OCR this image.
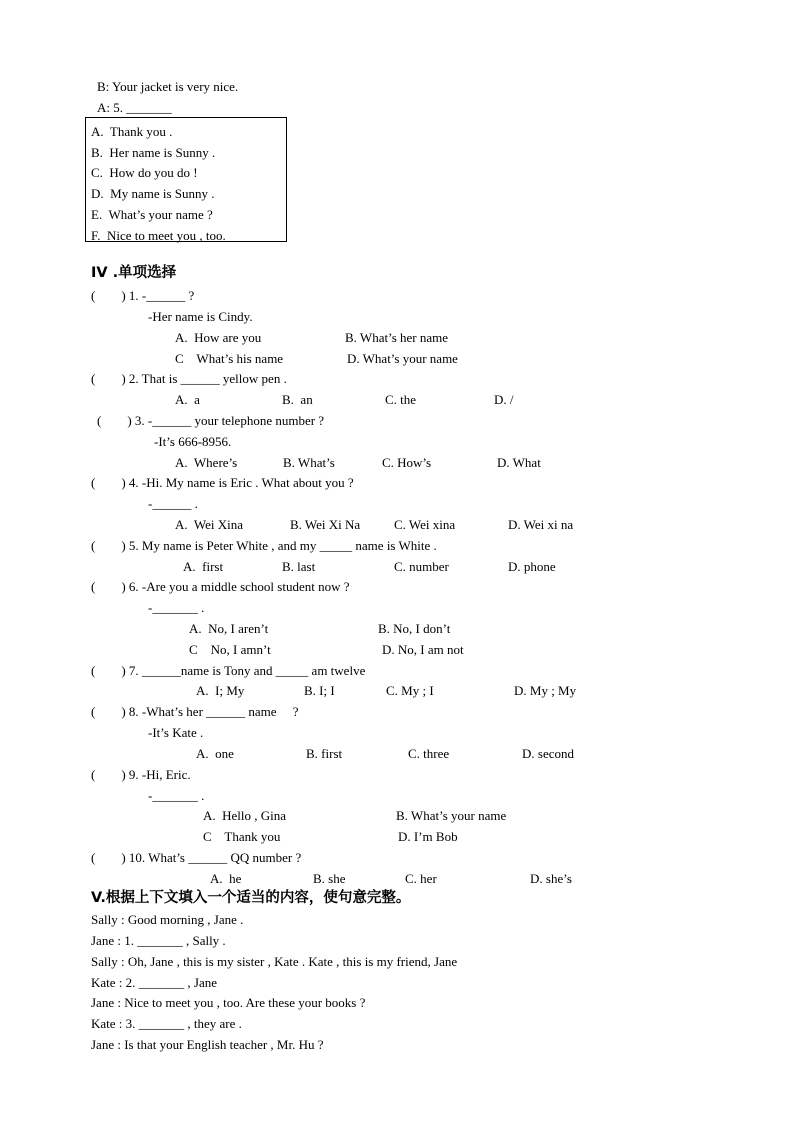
B: Your jacket is very nice.
A: 5. _______
A.  Thank you .
B.  Her name is Sunny .
C.  How do you do !
D.  My name is Sunny .
E.  What’s your name ?
F.  Nice to meet you , too.
IV .单项选择
(        ) 1. -______ ?
-Her name is Cindy.
A.  How are you	B. What’s her name
C    What’s his name	D. What’s your name
(        ) 2. That is ______ yellow pen .
A.  a	B.  an	C. the	D. /
(        ) 3. -______ your telephone number ?
-It’s 666-8956.
A.  Where’s	B. What’s	C. How’s	D. What
(        ) 4. -Hi. My name is Eric . What about you ?
-______ .
A.  Wei Xina	B. Wei Xi Na	C. Wei xina	D. Wei xi na
(        ) 5. My name is Peter White , and my _____ name is White .
A.  first	B. last	C. number	D. phone
(        ) 6. -Are you a middle school student now ?
-_______ .
A.  No, I aren’t	B. No, I don’t
C    No, I amn’t	D. No, I am not
(        ) 7. ______name is Tony and _____ am twelve
A.  I; My	B. I; I	C. My ; I	D. My ; My
(        ) 8. -What’s her ______ name     ?
-It’s Kate .
A.  one	B. first	C. three	D. second
(        ) 9. -Hi, Eric.
-_______ .
A.  Hello , Gina	B. What’s your name
C    Thank you	D. I’m Bob
(        ) 10. What’s ______ QQ number ?
A.  he	B. she	C. her	D. she’s
V.根据上下文填入一个适当的内容，使句意完整。
Sally : Good morning , Jane .
Jane : 1. _______ , Sally .
Sally : Oh, Jane , this is my sister , Kate . Kate , this is my friend, Jane
Kate : 2. _______ , Jane
Jane : Nice to meet you , too. Are these your books ?
Kate : 3. _______ , they are .
Jane : Is that your English teacher , Mr. Hu ?
